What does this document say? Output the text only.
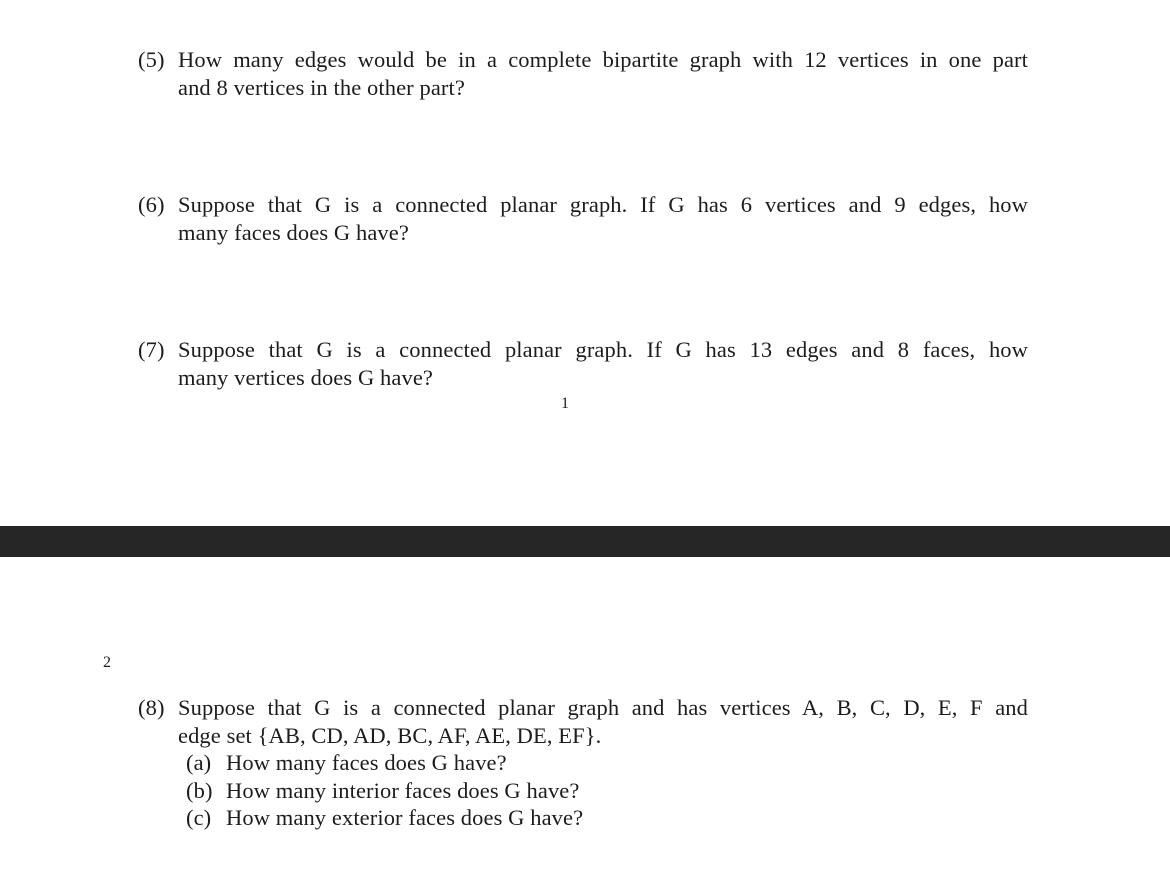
(5) How many edges would be in a complete bipartite graph with 12 vertices in one part
and 8 vertices in the other part?
(6) Suppose that G is a connected planar graph. If G has 6 vertices and 9 edges, how
many faces does G have?
(7) Suppose that G is a connected planar graph. If G has 13 edges and 8 faces, how
many vertices does G have?
1
2
(8) Suppose that G is a connected planar graph and has vertices A, B, C, D, E, F and
edge set {AB, CD, AD, BC, AF, AE, DE, EF}.
(a) How many faces does G have?
(b) How many interior faces does G have?
(c) How many exterior faces does G have?
